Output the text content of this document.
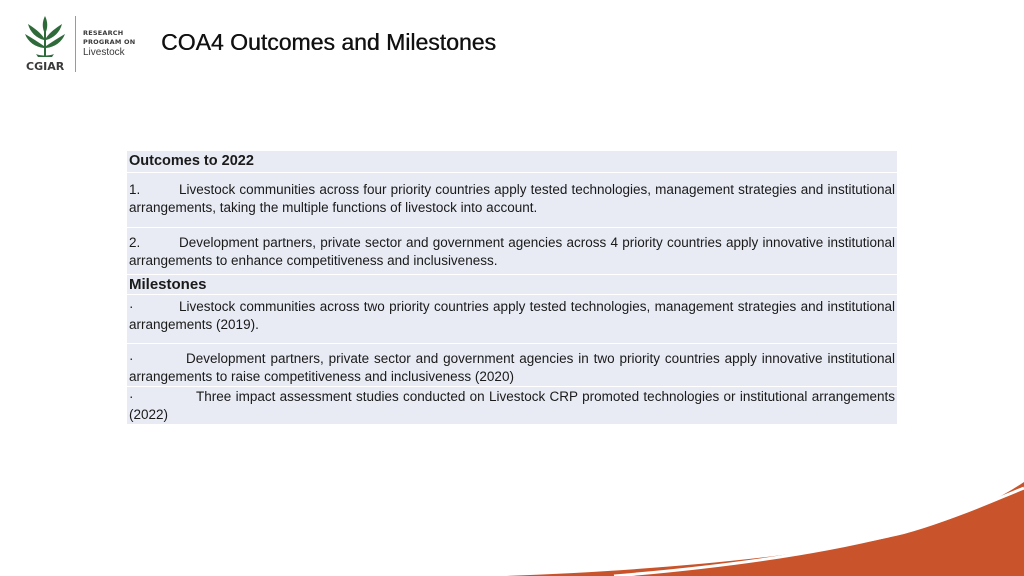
CGIAR
RESEARCH
PROGRAM ON
Livestock COA4 Outcomes and Milestones
Outcomes to 2022
1.	Livestock communities across four priority countries apply tested technologies, management strategies and institutional arrangements, taking the multiple functions of livestock into account.
2.	Development partners, private sector and government agencies across 4 priority countries apply innovative institutional arrangements to enhance competitiveness and inclusiveness.
Milestones
·	Livestock communities across two priority countries apply tested technologies, management strategies and institutional arrangements (2019).
·	Development partners, private sector and government agencies in two priority countries apply innovative institutional arrangements to raise competitiveness and inclusiveness (2020)
·	Three impact assessment studies conducted on Livestock CRP promoted technologies or institutional arrangements (2022)
